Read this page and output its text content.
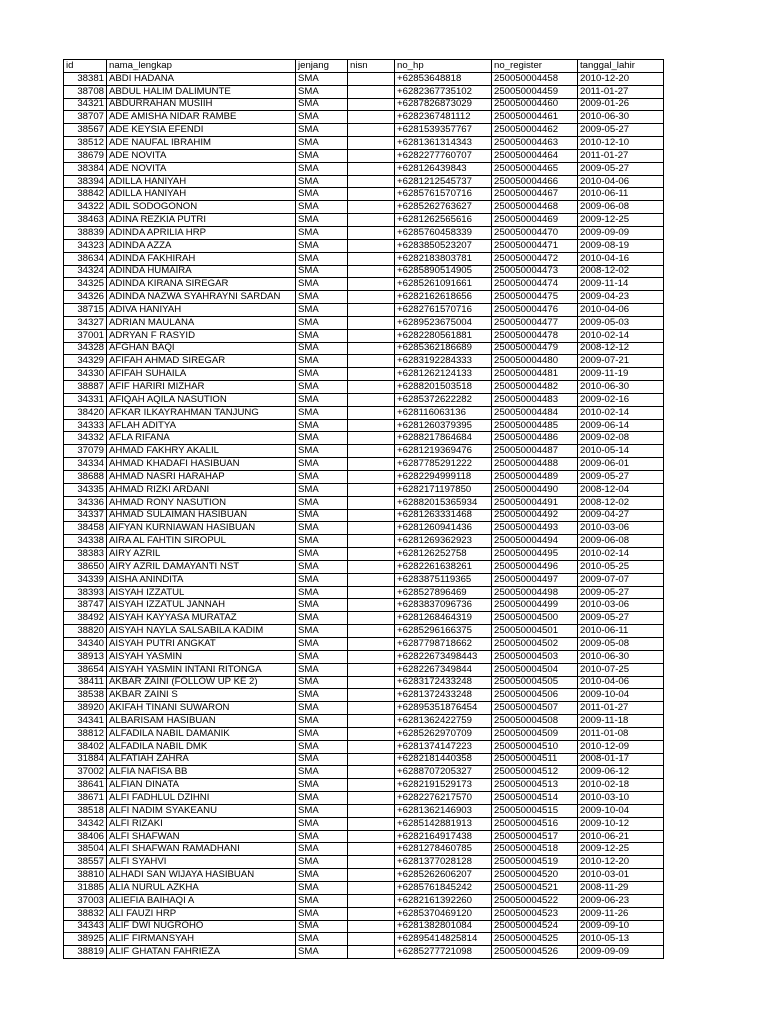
id	nama_lengkap	jenjang	nisn	no_hp	no_register	tanggal_lahir
38381	ABDI HADANA	SMA		+62853648818	250050004458	2010-12-20
38708	ABDUL HALIM DALIMUNTE	SMA		+6282367735102	250050004459	2011-01-27
34321	ABDURRAHAN MUSIIH	SMA		+6287826873029	250050004460	2009-01-26
38707	ADE AMISHA NIDAR RAMBE	SMA		+6282367481112	250050004461	2010-06-30
38567	ADE KEYSIA EFENDI	SMA		+6281539357767	250050004462	2009-05-27
38512	ADE NAUFAL IBRAHIM	SMA		+6281361314343	250050004463	2010-12-10
38679	ADE NOVITA	SMA		+6282277760707	250050004464	2011-01-27
38384	ADE NOVITA	SMA		+628126439843	250050004465	2009-05-27
38394	ADILLA HANIYAH	SMA		+6281212545737	250050004466	2010-04-06
38842	ADILLA HANIYAH	SMA		+6285761570716	250050004467	2010-06-11
34322	ADIL SODOGONON	SMA		+6285262763627	250050004468	2009-06-08
38463	ADINA REZKIA PUTRI	SMA		+6281262565616	250050004469	2009-12-25
38839	ADINDA APRILIA HRP	SMA		+6285760458339	250050004470	2009-09-09
34323	ADINDA AZZA	SMA		+6283850523207	250050004471	2009-08-19
38634	ADINDA FAKHIRAH	SMA		+6282183803781	250050004472	2010-04-16
34324	ADINDA HUMAIRA	SMA		+6285890514905	250050004473	2008-12-02
34325	ADINDA KIRANA SIREGAR	SMA		+6285261091661	250050004474	2009-11-14
34326	ADINDA NAZWA SYAHRAYNI SARDAN	SMA		+6282162618656	250050004475	2009-04-23
38715	ADIVA HANIYAH	SMA		+6282761570716	250050004476	2010-04-06
34327	ADRIAN MAULANA	SMA		+6289523675004	250050004477	2009-05-03
37001	ADRYAN F RASYID	SMA		+6282280561881	250050004478	2010-02-14
34328	AFGHAN BAQI	SMA		+6285362186689	250050004479	2008-12-12
34329	AFIFAH AHMAD SIREGAR	SMA		+6283192284333	250050004480	2009-07-21
34330	AFIFAH SUHAILA	SMA		+6281262124133	250050004481	2009-11-19
38887	AFIF HARIRI MIZHAR	SMA		+6288201503518	250050004482	2010-06-30
34331	AFIQAH AQILA NASUTION	SMA		+6285372622282	250050004483	2009-02-16
38420	AFKAR ILKAYRAHMAN TANJUNG	SMA		+628116063136	250050004484	2010-02-14
34333	AFLAH ADITYA	SMA		+6281260379395	250050004485	2009-06-14
34332	AFLA RIFANA	SMA		+6288217864684	250050004486	2009-02-08
37079	AHMAD FAKHRY AKALIL	SMA		+6281219369476	250050004487	2010-05-14
34334	AHMAD KHADAFI HASIBUAN	SMA		+6287785291222	250050004488	2009-06-01
38688	AHMAD NASRI HARAHAP	SMA		+6282294999118	250050004489	2009-05-27
34335	AHMAD RIZKI ARDANI	SMA		+6282171197850	250050004490	2008-12-04
34336	AHMAD RONY NASUTION	SMA		+62882015365934	250050004491	2008-12-02
34337	AHMAD SULAIMAN HASIBUAN	SMA		+6281263331468	250050004492	2009-04-27
38458	AIFYAN KURNIAWAN HASIBUAN	SMA		+6281260941436	250050004493	2010-03-06
34338	AIRA AL FAHTIN SIROPUL	SMA		+6281269362923	250050004494	2009-06-08
38383	AIRY AZRIL	SMA		+628126252758	250050004495	2010-02-14
38650	AIRY AZRIL DAMAYANTI NST	SMA		+6282261638261	250050004496	2010-05-25
34339	AISHA ANINDITA	SMA		+6283875119365	250050004497	2009-07-07
38393	AISYAH IZZATUL	SMA		+628527896469	250050004498	2009-05-27
38747	AISYAH IZZATUL JANNAH	SMA		+6283837096736	250050004499	2010-03-06
38492	AISYAH KAYYASA MURATAZ	SMA		+6281268464319	250050004500	2009-05-27
38820	AISYAH NAYLA SALSABILA KADIM	SMA		+6285296166375	250050004501	2010-06-11
34340	AISYAH PUTRI ANGKAT	SMA		+6287798718662	250050004502	2009-05-08
38913	AISYAH YASMIN	SMA		+62822673498443	250050004503	2010-06-30
38654	AISYAH YASMIN INTANI RITONGA	SMA		+6282267349844	250050004504	2010-07-25
38411	AKBAR ZAINI (FOLLOW UP KE 2)	SMA		+6283172433248	250050004505	2010-04-06
38538	AKBAR ZAINI S	SMA		+6281372433248	250050004506	2009-10-04
38920	AKIFAH TINANI SUWARON	SMA		+62895351876454	250050004507	2011-01-27
34341	ALBARISAM HASIBUAN	SMA		+6281362422759	250050004508	2009-11-18
38812	ALFADILA NABIL DAMANIK	SMA		+6285262970709	250050004509	2011-01-08
38402	ALFADILA NABIL DMK	SMA		+6281374147223	250050004510	2010-12-09
31884	ALFATIAH ZAHRA	SMA		+6282181440358	250050004511	2008-01-17
37002	ALFIA NAFISA BB	SMA		+6288707205327	250050004512	2009-06-12
38641	ALFIAN DINATA	SMA		+6282191529173	250050004513	2010-02-18
38671	ALFI FADHLUL DZIHNI	SMA		+6282276217570	250050004514	2010-03-10
38518	ALFI NADIM SYAKEANU	SMA		+6281362146903	250050004515	2009-10-04
34342	ALFI RIZAKI	SMA		+6285142881913	250050004516	2009-10-12
38406	ALFI SHAFWAN	SMA		+6282164917438	250050004517	2010-06-21
38504	ALFI SHAFWAN RAMADHANI	SMA		+6281278460785	250050004518	2009-12-25
38557	ALFI SYAHVI	SMA		+6281377028128	250050004519	2010-12-20
38810	ALHADI SAN WIJAYA HASIBUAN	SMA		+6285262606207	250050004520	2010-03-01
31885	ALIA NURUL AZKHA	SMA		+6285761845242	250050004521	2008-11-29
37003	ALIEFIA BAIHAQI A	SMA		+6282161392260	250050004522	2009-06-23
38832	ALI FAUZI HRP	SMA		+6285370469120	250050004523	2009-11-26
34343	ALIF DWI NUGROHO	SMA		+6281382801084	250050004524	2009-09-10
38925	ALIF FIRMANSYAH	SMA		+62895414825814	250050004525	2010-05-13
38819	ALIF GHATAN FAHRIEZA	SMA		+6285277721098	250050004526	2009-09-09
